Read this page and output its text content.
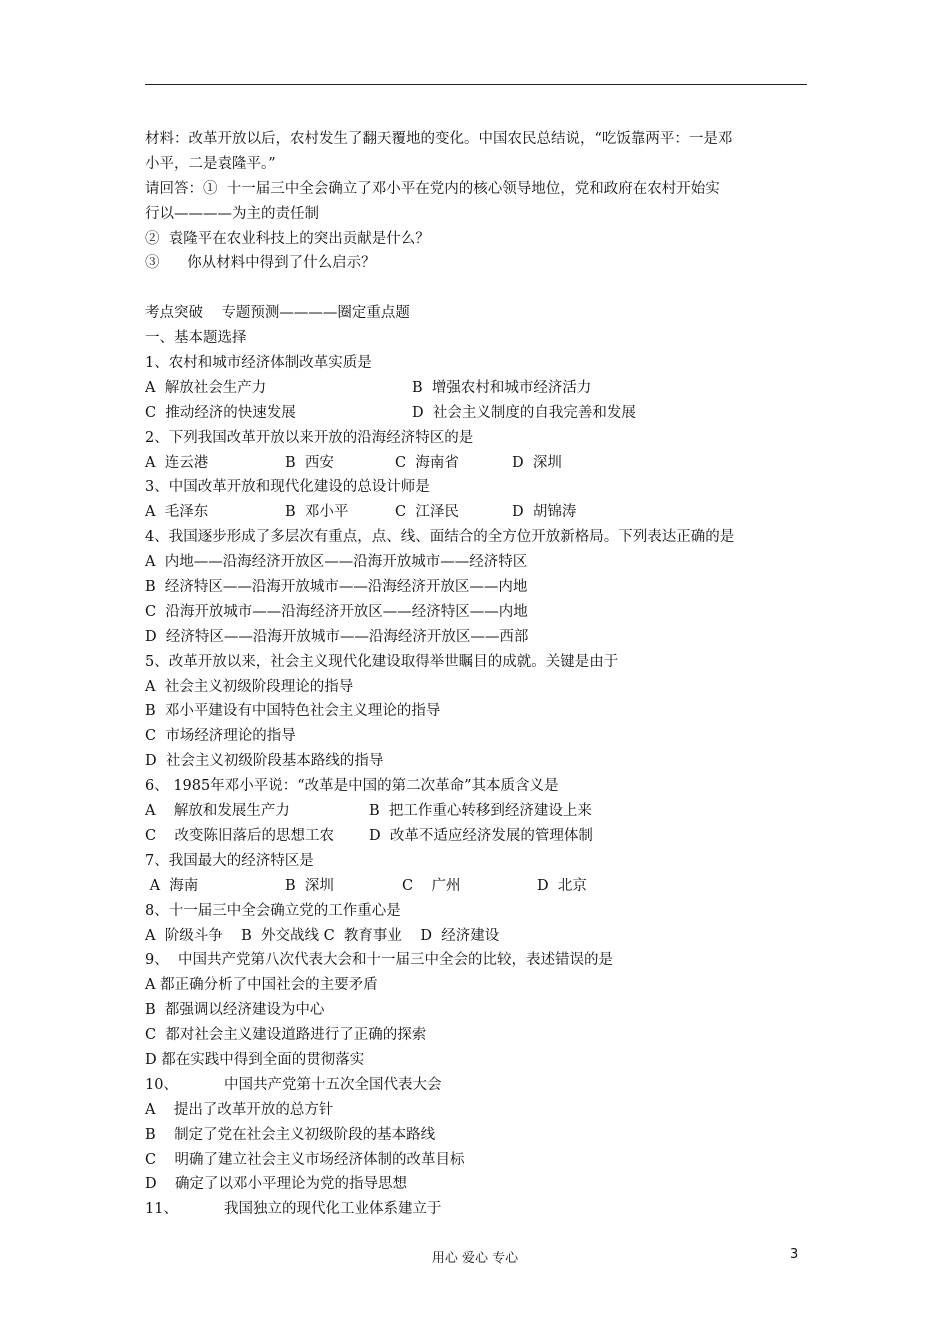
材料：改革开放以后，农村发生了翻天覆地的变化。中国农民总结说，“吃饭靠两平：一是邓
小平，二是袁隆平。”
请回答：①  十一届三中全会确立了邓小平在党内的核心领导地位，党和政府在农村开始实
行以————为主的责任制
②  袁隆平在农业科技上的突出贡献是什么？
③      你从材料中得到了什么启示？
考点突破    专题预测————圈定重点题
一、基本题选择
1、农村和城市经济体制改革实质是
A  解放社会生产力	B  增强农村和城市经济活力
C  推动经济的快速发展	D  社会主义制度的自我完善和发展
2、下列我国改革开放以来开放的沿海经济特区的是
A  连云港	B  西安	C  海南省	D  深圳
3、中国改革开放和现代化建设的总设计师是
A  毛泽东	B  邓小平	C  江泽民	D  胡锦涛
4、我国逐步形成了多层次有重点，点、线、面结合的全方位开放新格局。下列表达正确的是
A  内地——沿海经济开放区——沿海开放城市——经济特区
B  经济特区——沿海开放城市——沿海经济开放区——内地
C  沿海开放城市——沿海经济开放区——经济特区——内地
D  经济特区——沿海开放城市——沿海经济开放区——西部
5、改革开放以来，社会主义现代化建设取得举世瞩目的成就。关键是由于
A  社会主义初级阶段理论的指导
B  邓小平建设有中国特色社会主义理论的指导
C  市场经济理论的指导
D  社会主义初级阶段基本路线的指导
6、 1985年邓小平说：“改革是中国的第二次革命”其本质含义是
A    解放和发展生产力	B  把工作重心转移到经济建设上来
C    改变陈旧落后的思想工农	D  改革不适应经济发展的管理体制
7、我国最大的经济特区是
A  海南	B  深圳	C    广州	D  北京
8、十一届三中全会确立党的工作重心是
A  阶级斗争    B  外交战线 C  教育事业    D  经济建设
9、  中国共产党第八次代表大会和十一届三中全会的比较，表述错误的是
A 都正确分析了中国社会的主要矛盾
B  都强调以经济建设为中心
C  都对社会主义建设道路进行了正确的探索
D 都在实践中得到全面的贯彻落实
10、          中国共产党第十五次全国代表大会
A    提出了改革开放的总方针
B    制定了党在社会主义初级阶段的基本路线
C    明确了建立社会主义市场经济体制的改革目标
D    确定了以邓小平理论为党的指导思想
11、          我国独立的现代化工业体系建立于
用心 爱心 专心	3
